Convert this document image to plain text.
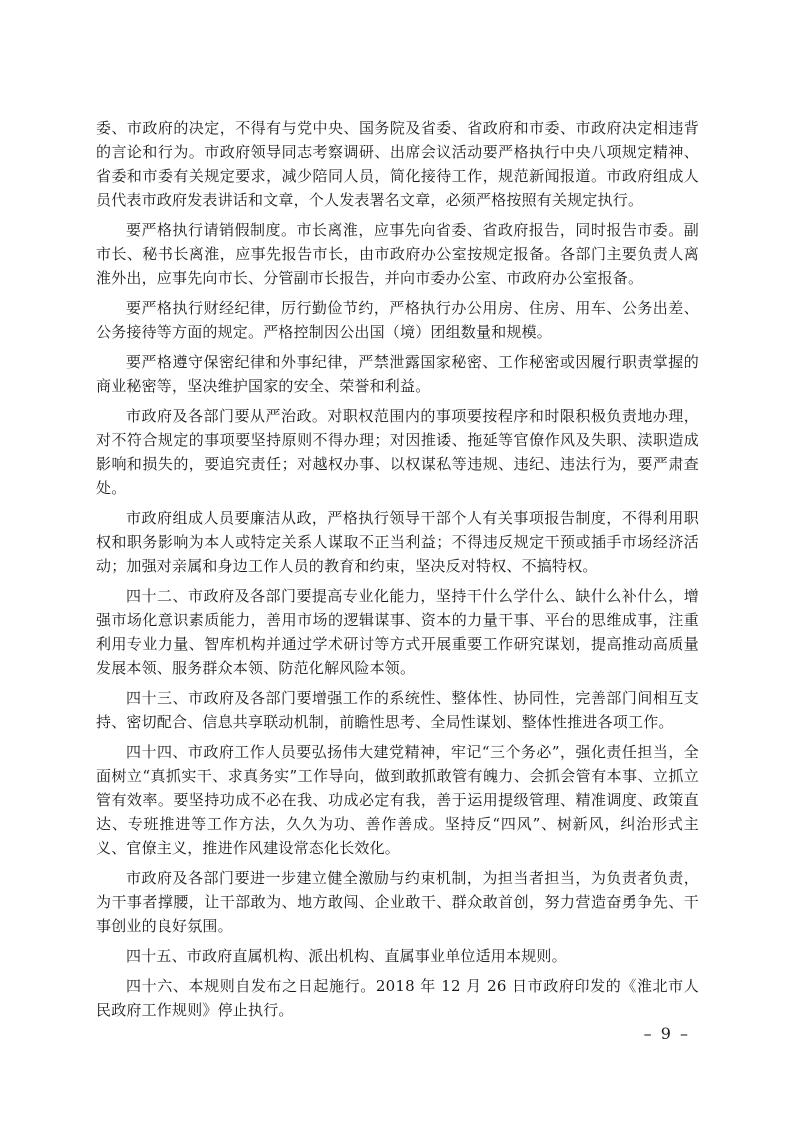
委、市政府的决定，不得有与党中央、国务院及省委、省政府和市委、市政府决定相违背的言论和行为。市政府领导同志考察调研、出席会议活动要严格执行中央八项规定精神、省委和市委有关规定要求，减少陪同人员，简化接待工作，规范新闻报道。市政府组成人员代表市政府发表讲话和文章，个人发表署名文章，必须严格按照有关规定执行。

要严格执行请销假制度。市长离淮，应事先向省委、省政府报告，同时报告市委。副市长、秘书长离淮，应事先报告市长，由市政府办公室按规定报备。各部门主要负责人离淮外出，应事先向市长、分管副市长报告，并向市委办公室、市政府办公室报备。

要严格执行财经纪律，厉行勤俭节约，严格执行办公用房、住房、用车、公务出差、公务接待等方面的规定。严格控制因公出国（境）团组数量和规模。

要严格遵守保密纪律和外事纪律，严禁泄露国家秘密、工作秘密或因履行职责掌握的商业秘密等，坚决维护国家的安全、荣誉和利益。

市政府及各部门要从严治政。对职权范围内的事项要按程序和时限积极负责地办理，对不符合规定的事项要坚持原则不得办理；对因推诿、拖延等官僚作风及失职、渎职造成影响和损失的，要追究责任；对越权办事、以权谋私等违规、违纪、违法行为，要严肃查处。

市政府组成人员要廉洁从政，严格执行领导干部个人有关事项报告制度，不得利用职权和职务影响为本人或特定关系人谋取不正当利益；不得违反规定干预或插手市场经济活动；加强对亲属和身边工作人员的教育和约束，坚决反对特权、不搞特权。

四十二、市政府及各部门要提高专业化能力，坚持干什么学什么、缺什么补什么，增强市场化意识素质能力，善用市场的逻辑谋事、资本的力量干事、平台的思维成事，注重利用专业力量、智库机构并通过学术研讨等方式开展重要工作研究谋划，提高推动高质量发展本领、服务群众本领、防范化解风险本领。

四十三、市政府及各部门要增强工作的系统性、整体性、协同性，完善部门间相互支持、密切配合、信息共享联动机制，前瞻性思考、全局性谋划、整体性推进各项工作。

四十四、市政府工作人员要弘扬伟大建党精神，牢记“三个务必”，强化责任担当，全面树立“真抓实干、求真务实”工作导向，做到敢抓敢管有魄力、会抓会管有本事、立抓立管有效率。要坚持功成不必在我、功成必定有我，善于运用提级管理、精准调度、政策直达、专班推进等工作方法，久久为功、善作善成。坚持反“四风”、树新风，纠治形式主义、官僚主义，推进作风建设常态化长效化。

市政府及各部门要进一步建立健全激励与约束机制，为担当者担当，为负责者负责，为干事者撑腰，让干部敢为、地方敢闯、企业敢干、群众敢首创，努力营造奋勇争先、干事创业的良好氛围。

四十五、市政府直属机构、派出机构、直属事业单位适用本规则。

四十六、本规则自发布之日起施行。2018 年 12 月 26 日市政府印发的《淮北市人民政府工作规则》停止执行。

– 9 –
